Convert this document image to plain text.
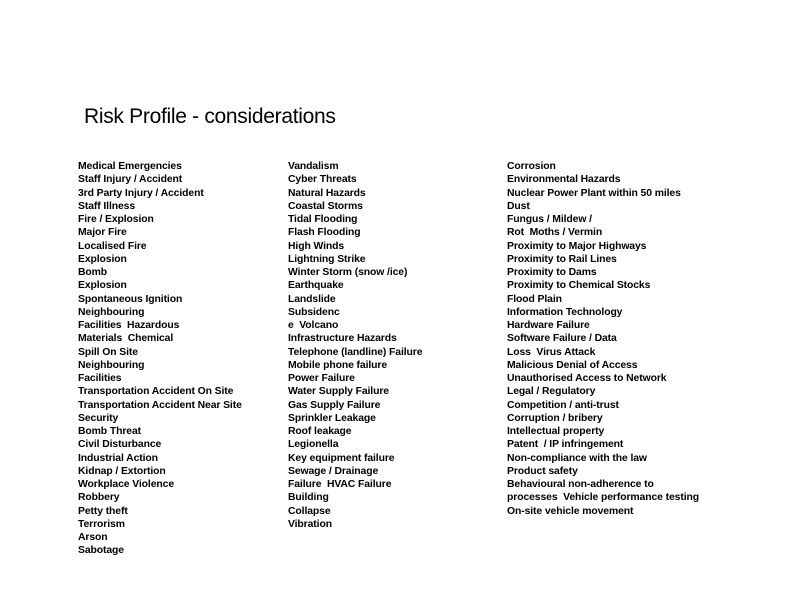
Risk Profile - considerations
Medical Emergencies
Staff Injury / Accident
3rd Party Injury / Accident
Staff Illness
Fire / Explosion
Major Fire
Localised Fire
Explosion
Bomb
Explosion
Spontaneous Ignition
Neighbouring
Facilities  Hazardous
Materials  Chemical
Spill On Site
Neighbouring
Facilities
Transportation Accident On Site
Transportation Accident Near Site
Security
Bomb Threat
Civil Disturbance
Industrial Action
Kidnap / Extortion
Workplace Violence
Robbery
Petty theft
Terrorism
Arson
Sabotage
Vandalism
Cyber Threats
Natural Hazards
Coastal Storms
Tidal Flooding
Flash Flooding
High Winds
Lightning Strike
Winter Storm (snow /ice)
Earthquake
Landslide
Subsidenc
e  Volcano
Infrastructure Hazards
Telephone (landline) Failure
Mobile phone failure
Power Failure
Water Supply Failure
Gas Supply Failure
Sprinkler Leakage
Roof leakage
Legionella
Key equipment failure
Sewage / Drainage
Failure  HVAC Failure
Building
Collapse
Vibration
Corrosion
Environmental Hazards
Nuclear Power Plant within 50 miles
Dust
Fungus / Mildew /
Rot  Moths / Vermin
Proximity to Major Highways
Proximity to Rail Lines
Proximity to Dams
Proximity to Chemical Stocks
Flood Plain
Information Technology
Hardware Failure
Software Failure / Data
Loss  Virus Attack
Malicious Denial of Access
Unauthorised Access to Network
Legal / Regulatory
Competition / anti-trust
Corruption / bribery
Intellectual property
Patent  / IP infringement
Non-compliance with the law
Product safety
Behavioural non-adherence to
processes  Vehicle performance testing
On-site vehicle movement
